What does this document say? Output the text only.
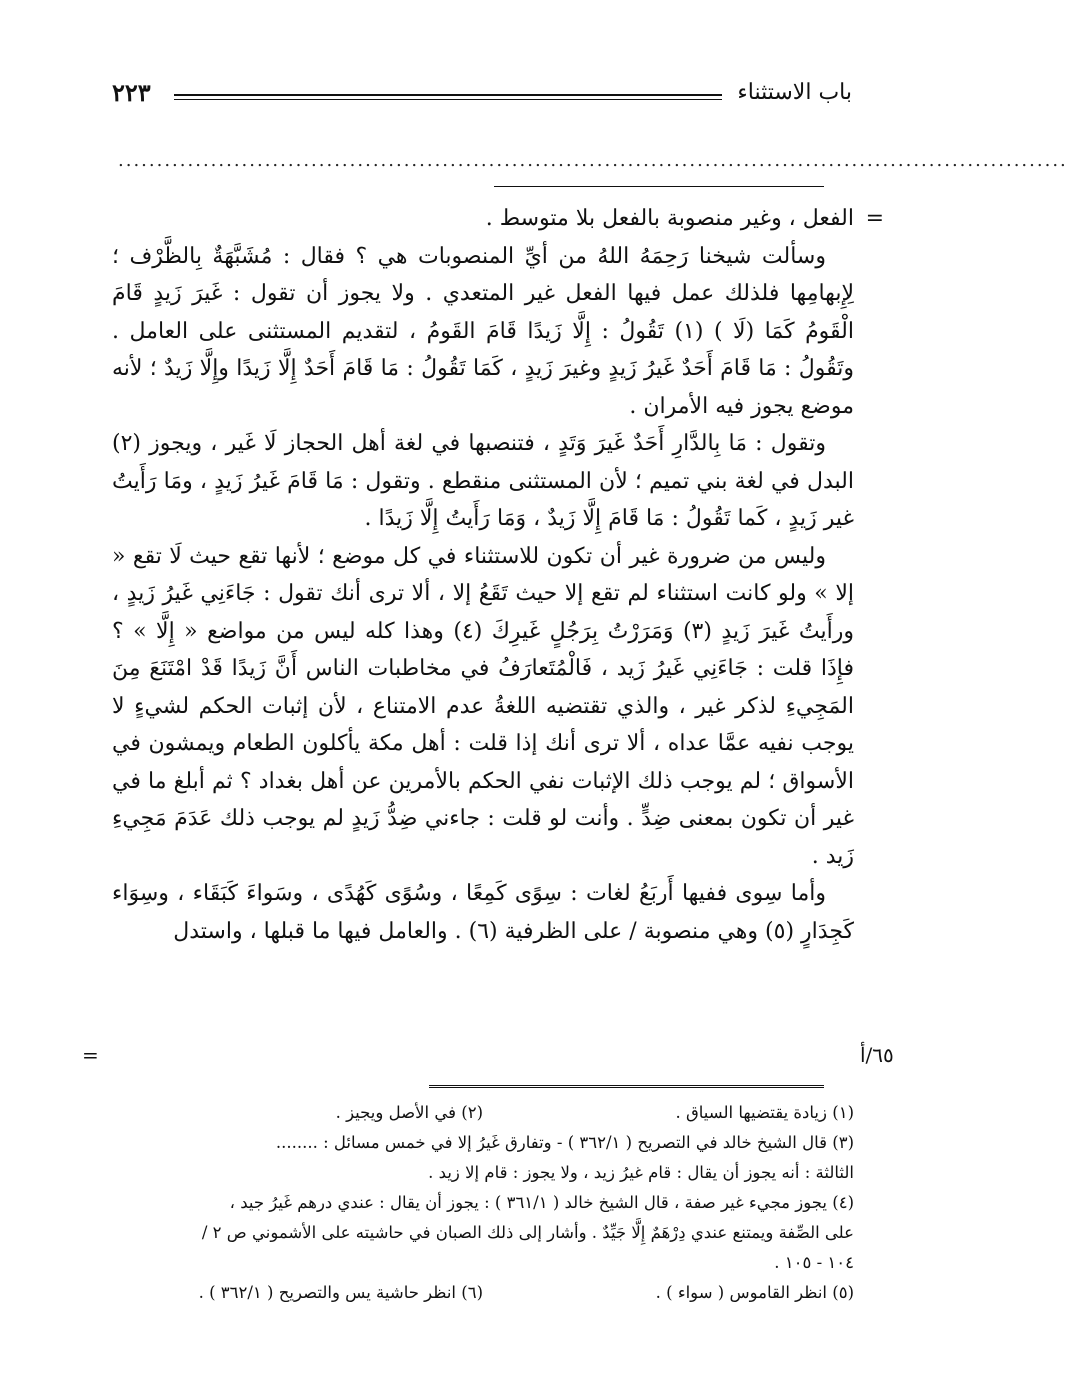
باب الاستثناء
٢٢٣
...........................................................................................................................
=

الفعل ، وغير منصوبة بالفعل بلا متوسط .

وسألت شيخنا رَحِمَهُ اللهُ من أيِّ المنصوبات هي ؟ فقال : مُشَبَّهَةٌ بِالظَّرْف ؛ لِإِبهامِها فلذلك عمل فيها الفعل غير المتعدي . ولا يجوز أن تقول : غَيرَ زَيدٍ قَامَ الْقَومُ كَمَا (لَا ) (١) تَقُولُ : إِلَّا زَيدًا قَامَ القَومُ ، لتقديم المستثنى على العامل . وتَقُولُ : مَا قَامَ أَحَدٌ غَيرُ زَيدٍ وغيرَ زَيدٍ ، كَمَا تَقُولُ : مَا قَامَ أَحَدٌ إِلَّا زَيدًا وإِلَّا زَيدٌ ؛ لأنه موضع يجوز فيه الأمران .

وتقول : مَا بِالدَّارِ أَحَدٌ غَيرَ وَتَدٍ ، فتنصبها في لغة أهل الحجاز لَا غَير ، ويجوز (٢) البدل في لغة بني تميم ؛ لأن المستثنى منقطع . وتقول : مَا قَامَ غَيرُ زَيدٍ ، ومَا رَأَيتُ غير زَيدٍ ، كَما تَقُولُ : مَا قَامَ إِلَّا زَيدٌ ، وَمَا رَأَيتُ إِلَّا زَيدًا .

وليس من ضرورة غير أن تكون للاستثناء في كل موضع ؛ لأنها تقع حيث لَا تقع « إلا » ولو كانت استثناء لم تقع إلا حيث تَقَعُ إلا ، ألا ترى أنك تقول : جَاءَنِي غَيرُ زَيدٍ ، ورأَيتُ غَيرَ زَيدٍ (٣) وَمَرَرْتُ بِرَجُلٍ غَيرِكَ (٤) وهذا كله ليس من مواضع « إِلَّا » ؟ فإِذَا قلت : جَاءَنِي غَيرُ زَيد ، فَالْمُتَعارَفُ في مخاطبات الناس أَنَّ زَيدًا قَدْ امْتَنَعَ مِنَ المَجِيءِ لذكر غير ، والذي تقتضيه اللغةُ عدم الامتناع ، لأن إثبات الحكم لشيءٍ لا يوجب نفيه عمَّا عداه ، ألا ترى أنك إذا قلت : أهل مكة يأكلون الطعام ويمشون في الأسواق ؛ لم يوجب ذلك الإثبات نفي الحكم بالأمرين عن أهل بغداد ؟ ثم أبلغ ما في غير أن تكون بمعنى ضِدٍّ . وأنت لو قلت : جاءني ضِدُّ زَيدٍ لم يوجب ذلك عَدَمَ مَجِيءِ زَيد .

وأما سِوى ففيها أَربَعُ لغات : سِوًى كَمِعًا ، وسُوًى كَهُدًى ، وسَواءَ كَبَقَاء ، وسِوَاء كَجِدَارٍ (٥) وهي منصوبة / على الظرفية (٦) . والعامل فيها ما قبلها ، واستدل

٦٥/أ
=
(١) زيادة يقتضيها السياق .
(٢) في الأصل ويجيز .
(٣) قال الشيخ خالد في التصريح ( ٣٦٢/١ ) - وتفارق غَيرُ إلا في خمس مسائل : ........
الثالثة : أنه يجوز أن يقال : قام غيرُ زيد ، ولا يجوز : قام إلا زيد .
(٤) يجوز مجيء غير صفة ، قال الشيخ خالد ( ٣٦١/١ ) : يجوز أن يقال : عندي درهم غَيرُ جيد ،
على الصِّفة ويمتنع عندي دِرْهَمٌ إِلَّا جَيِّدٌ . وأشار إلى ذلك الصبان في حاشيته على الأشموني ص ٢ /
١٠٤ - ١٠٥ .
(٥) انظر القاموس ( سواء ) .
(٦) انظر حاشية يس والتصريح ( ٣٦٢/١ ) .
